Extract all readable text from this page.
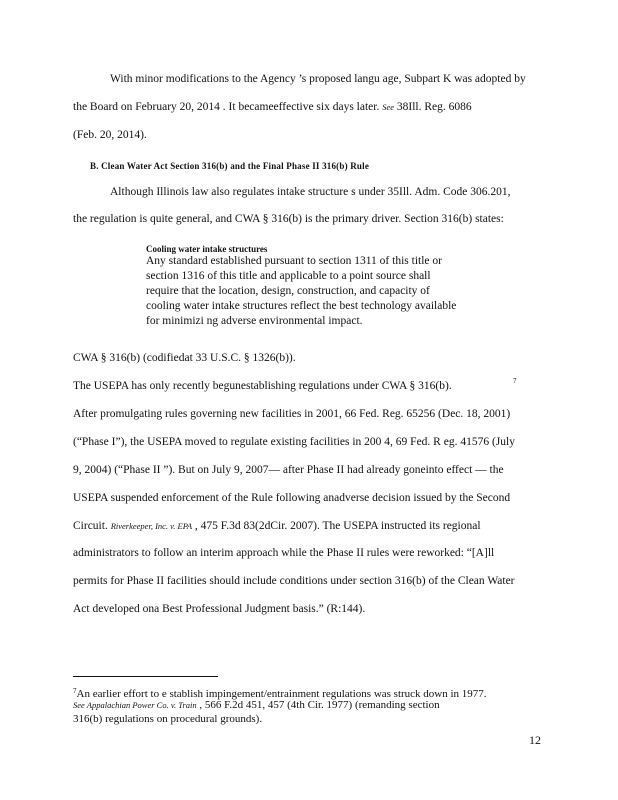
With minor modifications to the Agency ’s proposed langu age, Subpart K was adopted by
the Board on February 20, 2014 . It becameeffective six days later. See 38Ill. Reg. 6086
(Feb. 20, 2014).
B. Clean Water Act Section 316(b) and the Final Phase II 316(b) Rule
Although Illinois law also regulates intake structure s under 35Ill. Adm. Code 306.201,
the regulation is quite general, and CWA § 316(b) is the primary driver. Section 316(b) states:
Cooling water intake structures
Any standard established pursuant to section 1311 of this title or
section 1316 of this title and applicable to a point source shall
require that the location, design, construction, and capacity of
cooling water intake structures reflect the best technology available
for minimizi ng adverse environmental impact.
CWA § 316(b) (codifiedat 33 U.S.C. § 1326(b)).
The USEPA has only recently begunestablishing regulations under CWA § 316(b).	7
After promulgating rules governing new facilities in 2001, 66 Fed. Reg. 65256 (Dec. 18, 2001)
(“Phase I”), the USEPA moved to regulate existing facilities in 200 4, 69 Fed. R eg. 41576 (July
9, 2004) (“Phase II ”). But on July 9, 2007— after Phase II had already goneinto effect — the
USEPA suspended enforcement of the Rule following anadverse decision issued by the Second
Circuit. Riverkeeper, Inc. v. EPA , 475 F.3d 83(2dCir. 2007). The USEPA instructed its regional
administrators to follow an interim approach while the Phase II rules were reworked: “[A]ll
permits for Phase II facilities should include conditions under section 316(b) of the Clean Water
Act developed ona Best Professional Judgment basis.” (R:144).
$^7$An earlier effort to e stablish impingement/entrainment regulations was struck down in 1977.
See Appalachian Power Co. v. Train , 566 F.2d 451, 457 (4th Cir. 1977) (remanding section
316(b) regulations on procedural grounds).
12
